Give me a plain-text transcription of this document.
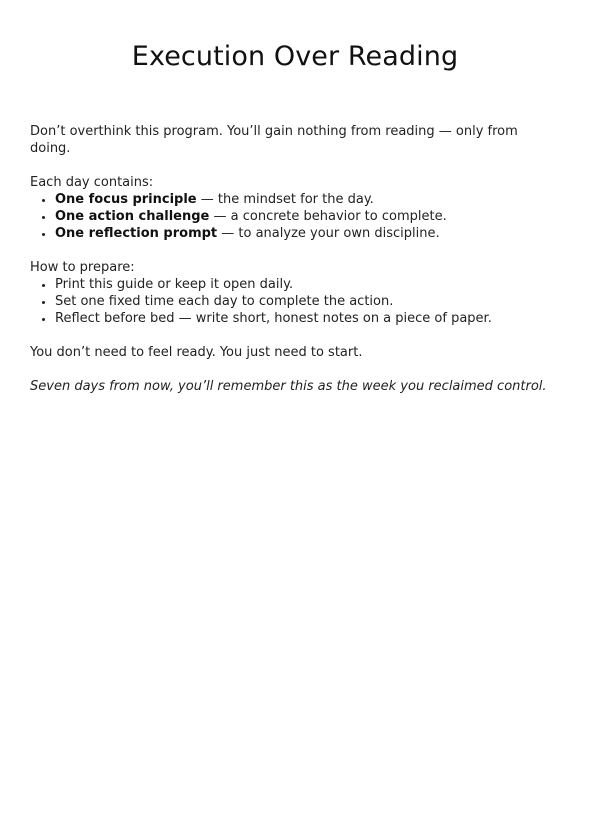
Execution Over Reading

Don’t overthink this program. You’ll gain nothing from reading — only from doing.

Each day contains:

• One focus principle — the mindset for the day.
• One action challenge — a concrete behavior to complete.
• One reflection prompt — to analyze your own discipline.

How to prepare:

• Print this guide or keep it open daily.
• Set one fixed time each day to complete the action.
• Reflect before bed — write short, honest notes on a piece of paper.

You don’t need to feel ready. You just need to start.

Seven days from now, you’ll remember this as the week you reclaimed control.
